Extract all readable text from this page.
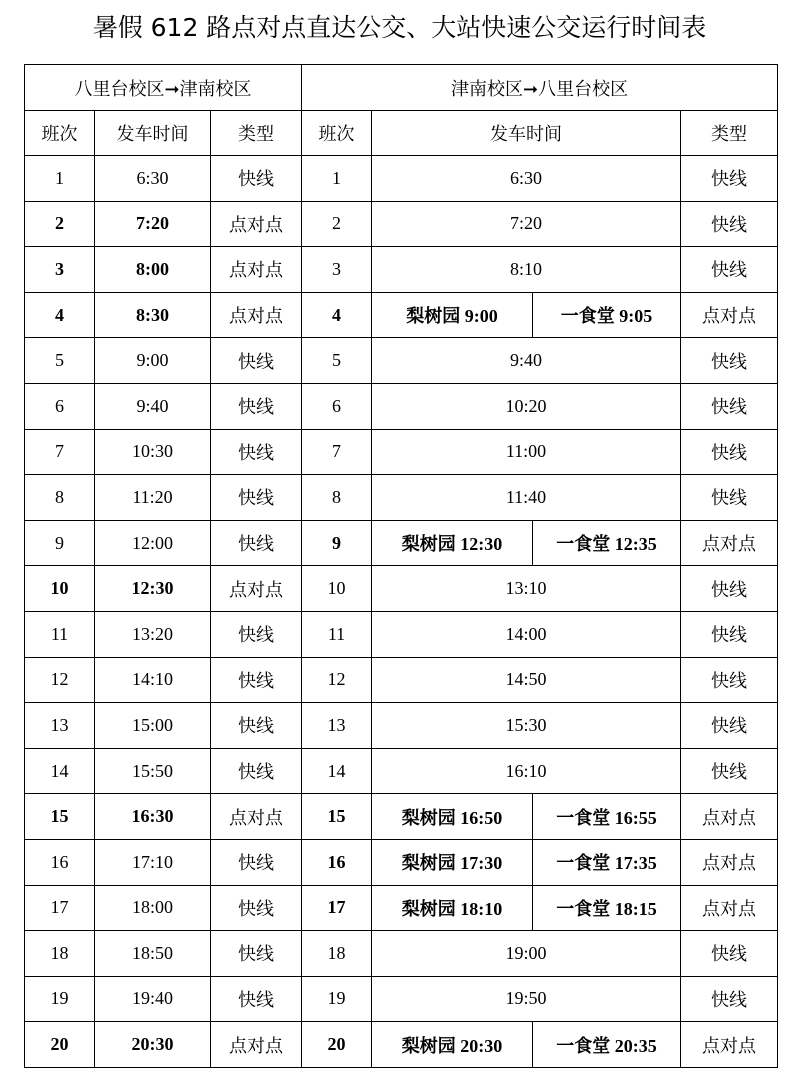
暑假 612 路点对点直达公交、大站快速公交运行时间表
八里台校区➞津南校区			津南校区➞八里台校区			
班次	发车时间	类型	班次	发车时间		类型
1	6:30	快线	1	6:30		快线
2	7:20	点对点	2	7:20		快线
3	8:00	点对点	3	8:10		快线
4	8:30	点对点	4	梨树园 9:00	一食堂 9:05	点对点
5	9:00	快线	5	9:40		快线
6	9:40	快线	6	10:20		快线
7	10:30	快线	7	11:00		快线
8	11:20	快线	8	11:40		快线
9	12:00	快线	9	梨树园 12:30	一食堂 12:35	点对点
10	12:30	点对点	10	13:10		快线
11	13:20	快线	11	14:00		快线
12	14:10	快线	12	14:50		快线
13	15:00	快线	13	15:30		快线
14	15:50	快线	14	16:10		快线
15	16:30	点对点	15	梨树园 16:50	一食堂 16:55	点对点
16	17:10	快线	16	梨树园 17:30	一食堂 17:35	点对点
17	18:00	快线	17	梨树园 18:10	一食堂 18:15	点对点
18	18:50	快线	18	19:00		快线
19	19:40	快线	19	19:50		快线
20	20:30	点对点	20	梨树园 20:30	一食堂 20:35	点对点
